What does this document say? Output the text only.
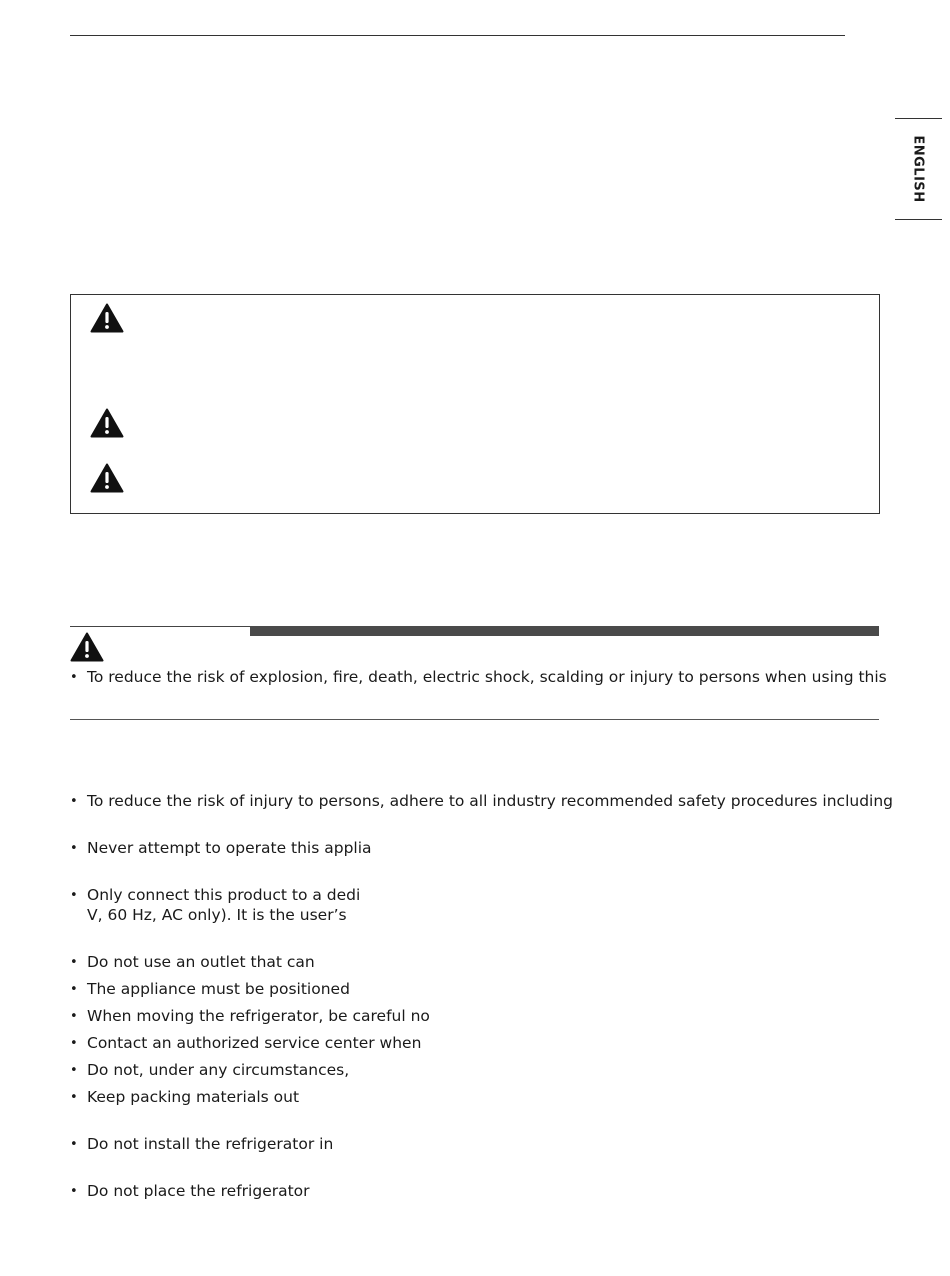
ENGLISH
• To reduce the risk of explosion, fire, death, electric shock, scalding or injury to persons when using this
• To reduce the risk of injury to persons, adhere to all industry recommended safety procedures including
• Never attempt to operate this applia
• Only connect this product to a dedi
V, 60 Hz, AC only). It is the user’s
• Do not use an outlet that can
• The appliance must be positioned
• When moving the refrigerator, be careful no
• Contact an authorized service center when
• Do not, under any circumstances,
• Keep packing materials out
• Do not install the refrigerator in
• Do not place the refrigerator
